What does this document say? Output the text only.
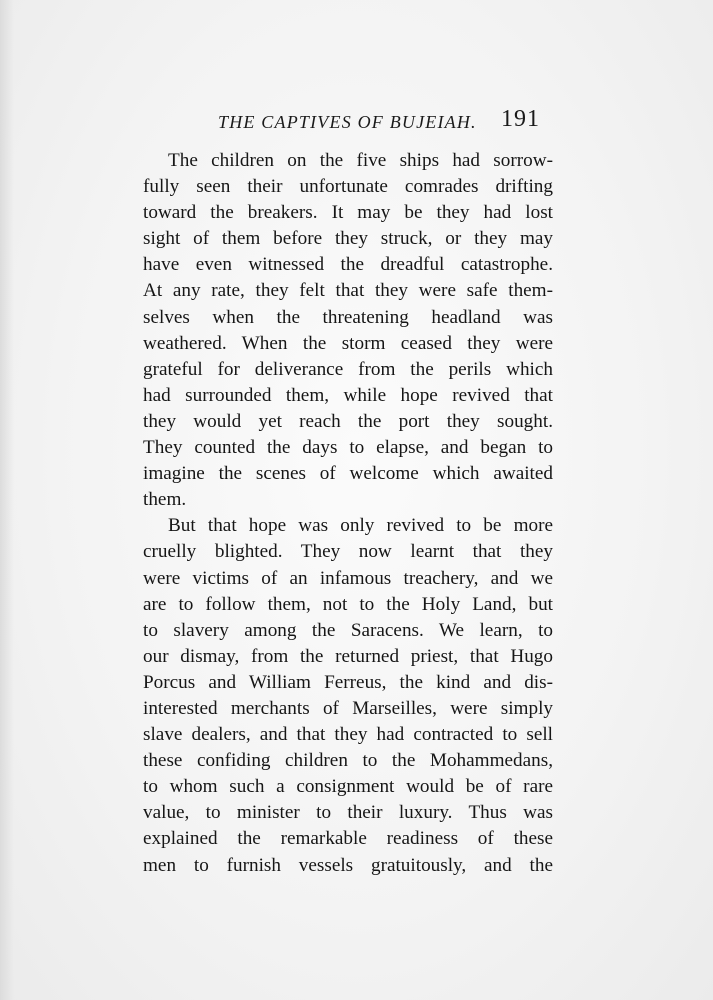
THE CAPTIVES OF BUJEIAH. 191
The children on the five ships had sorrow-
fully seen their unfortunate comrades drifting
toward the breakers. It may be they had lost
sight of them before they struck, or they may
have even witnessed the dreadful catastrophe.
At any rate, they felt that they were safe them-
selves when the threatening headland was
weathered. When the storm ceased they were
grateful for deliverance from the perils which
had surrounded them, while hope revived that
they would yet reach the port they sought.
They counted the days to elapse, and began to
imagine the scenes of welcome which awaited
them.
But that hope was only revived to be more
cruelly blighted. They now learnt that they
were victims of an infamous treachery, and we
are to follow them, not to the Holy Land, but
to slavery among the Saracens. We learn, to
our dismay, from the returned priest, that Hugo
Porcus and William Ferreus, the kind and dis-
interested merchants of Marseilles, were simply
slave dealers, and that they had contracted to sell
these confiding children to the Mohammedans,
to whom such a consignment would be of rare
value, to minister to their luxury. Thus was
explained the remarkable readiness of these
men to furnish vessels gratuitously, and the
